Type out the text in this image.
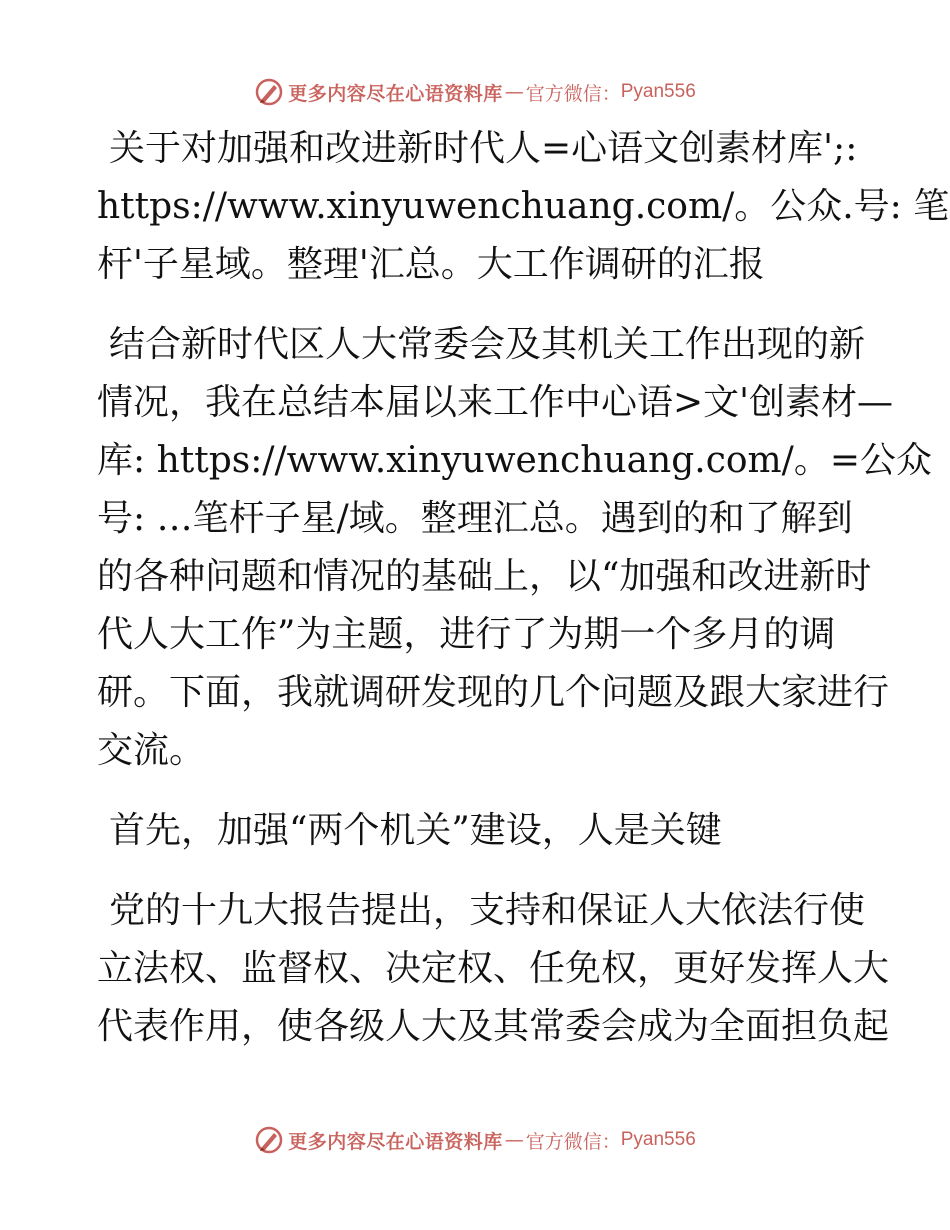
更多内容尽在心语资料库 — 官方微信： Pyan556

关于对加强和改进新时代人=心语文创素材库';:
https://www.xinyuwenchuang.com/。公众.号: 笔
杆'子星域。整理'汇总。大工作调研的汇报

结合新时代区人大常委会及其机关工作出现的新
情况，我在总结本届以来工作中心语>文'创素材—
库: https://www.xinyuwenchuang.com/。=公众
号: …笔杆子星/域。整理汇总。遇到的和了解到
的各种问题和情况的基础上，以“加强和改进新时
代人大工作”为主题，进行了为期一个多月的调
研。下面，我就调研发现的几个问题及跟大家进行
交流。

首先，加强“两个机关”建设，人是关键

党的十九大报告提出，支持和保证人大依法行使
立法权、监督权、决定权、任免权，更好发挥人大
代表作用，使各级人大及其常委会成为全面担负起

更多内容尽在心语资料库 — 官方微信： Pyan556
